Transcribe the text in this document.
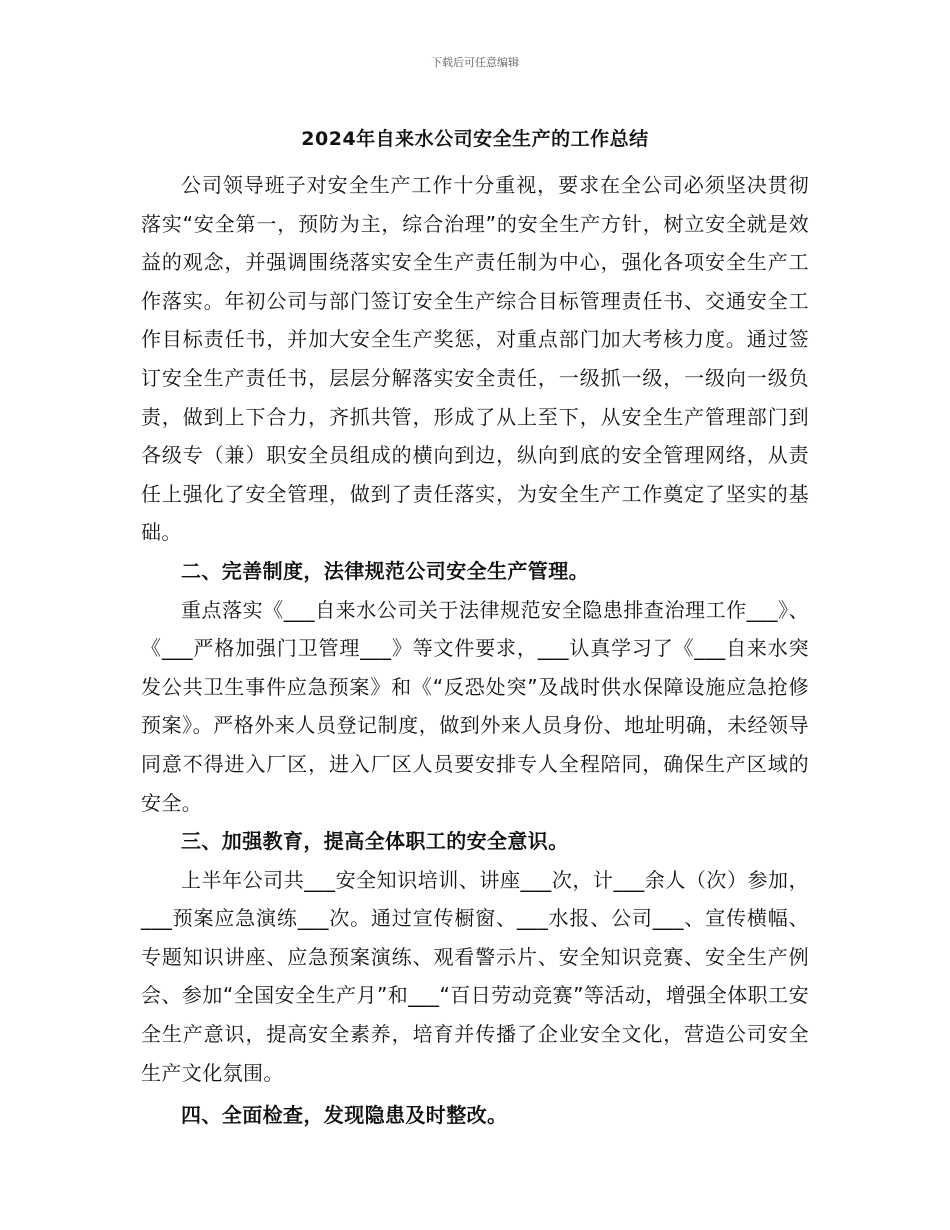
下载后可任意编辑
2024年自来水公司安全生产的工作总结

公司领导班子对安全生产工作十分重视，要求在全公司必须坚决贯彻落实“安全第一，预防为主，综合治理”的安全生产方针，树立安全就是效益的观念，并强调围绕落实安全生产责任制为中心，强化各项安全生产工作落实。年初公司与部门签订安全生产综合目标管理责任书、交通安全工作目标责任书，并加大安全生产奖惩，对重点部门加大考核力度。通过签订安全生产责任书，层层分解落实安全责任，一级抓一级，一级向一级负责，做到上下合力，齐抓共管，形成了从上至下，从安全生产管理部门到各级专（兼）职安全员组成的横向到边，纵向到底的安全管理网络，从责任上强化了安全管理，做到了责任落实，为安全生产工作奠定了坚实的基础。

二、完善制度，法律规范公司安全生产管理。

重点落实《___自来水公司关于法律规范安全隐患排查治理工作___》、《___严格加强门卫管理___》等文件要求，___认真学习了《___自来水突发公共卫生事件应急预案》和《“反恐处突”及战时供水保障设施应急抢修预案》。严格外来人员登记制度，做到外来人员身份、地址明确，未经领导同意不得进入厂区，进入厂区人员要安排专人全程陪同，确保生产区域的安全。

三、加强教育，提高全体职工的安全意识。

上半年公司共___安全知识培训、讲座___次，计___余人（次）参加，___预案应急演练___次。通过宣传橱窗、___水报、公司___、宣传横幅、专题知识讲座、应急预案演练、观看警示片、安全知识竞赛、安全生产例会、参加“全国安全生产月”和___“百日劳动竞赛”等活动，增强全体职工安全生产意识，提高安全素养，培育并传播了企业安全文化，营造公司安全生产文化氛围。

四、全面检查，发现隐患及时整改。
